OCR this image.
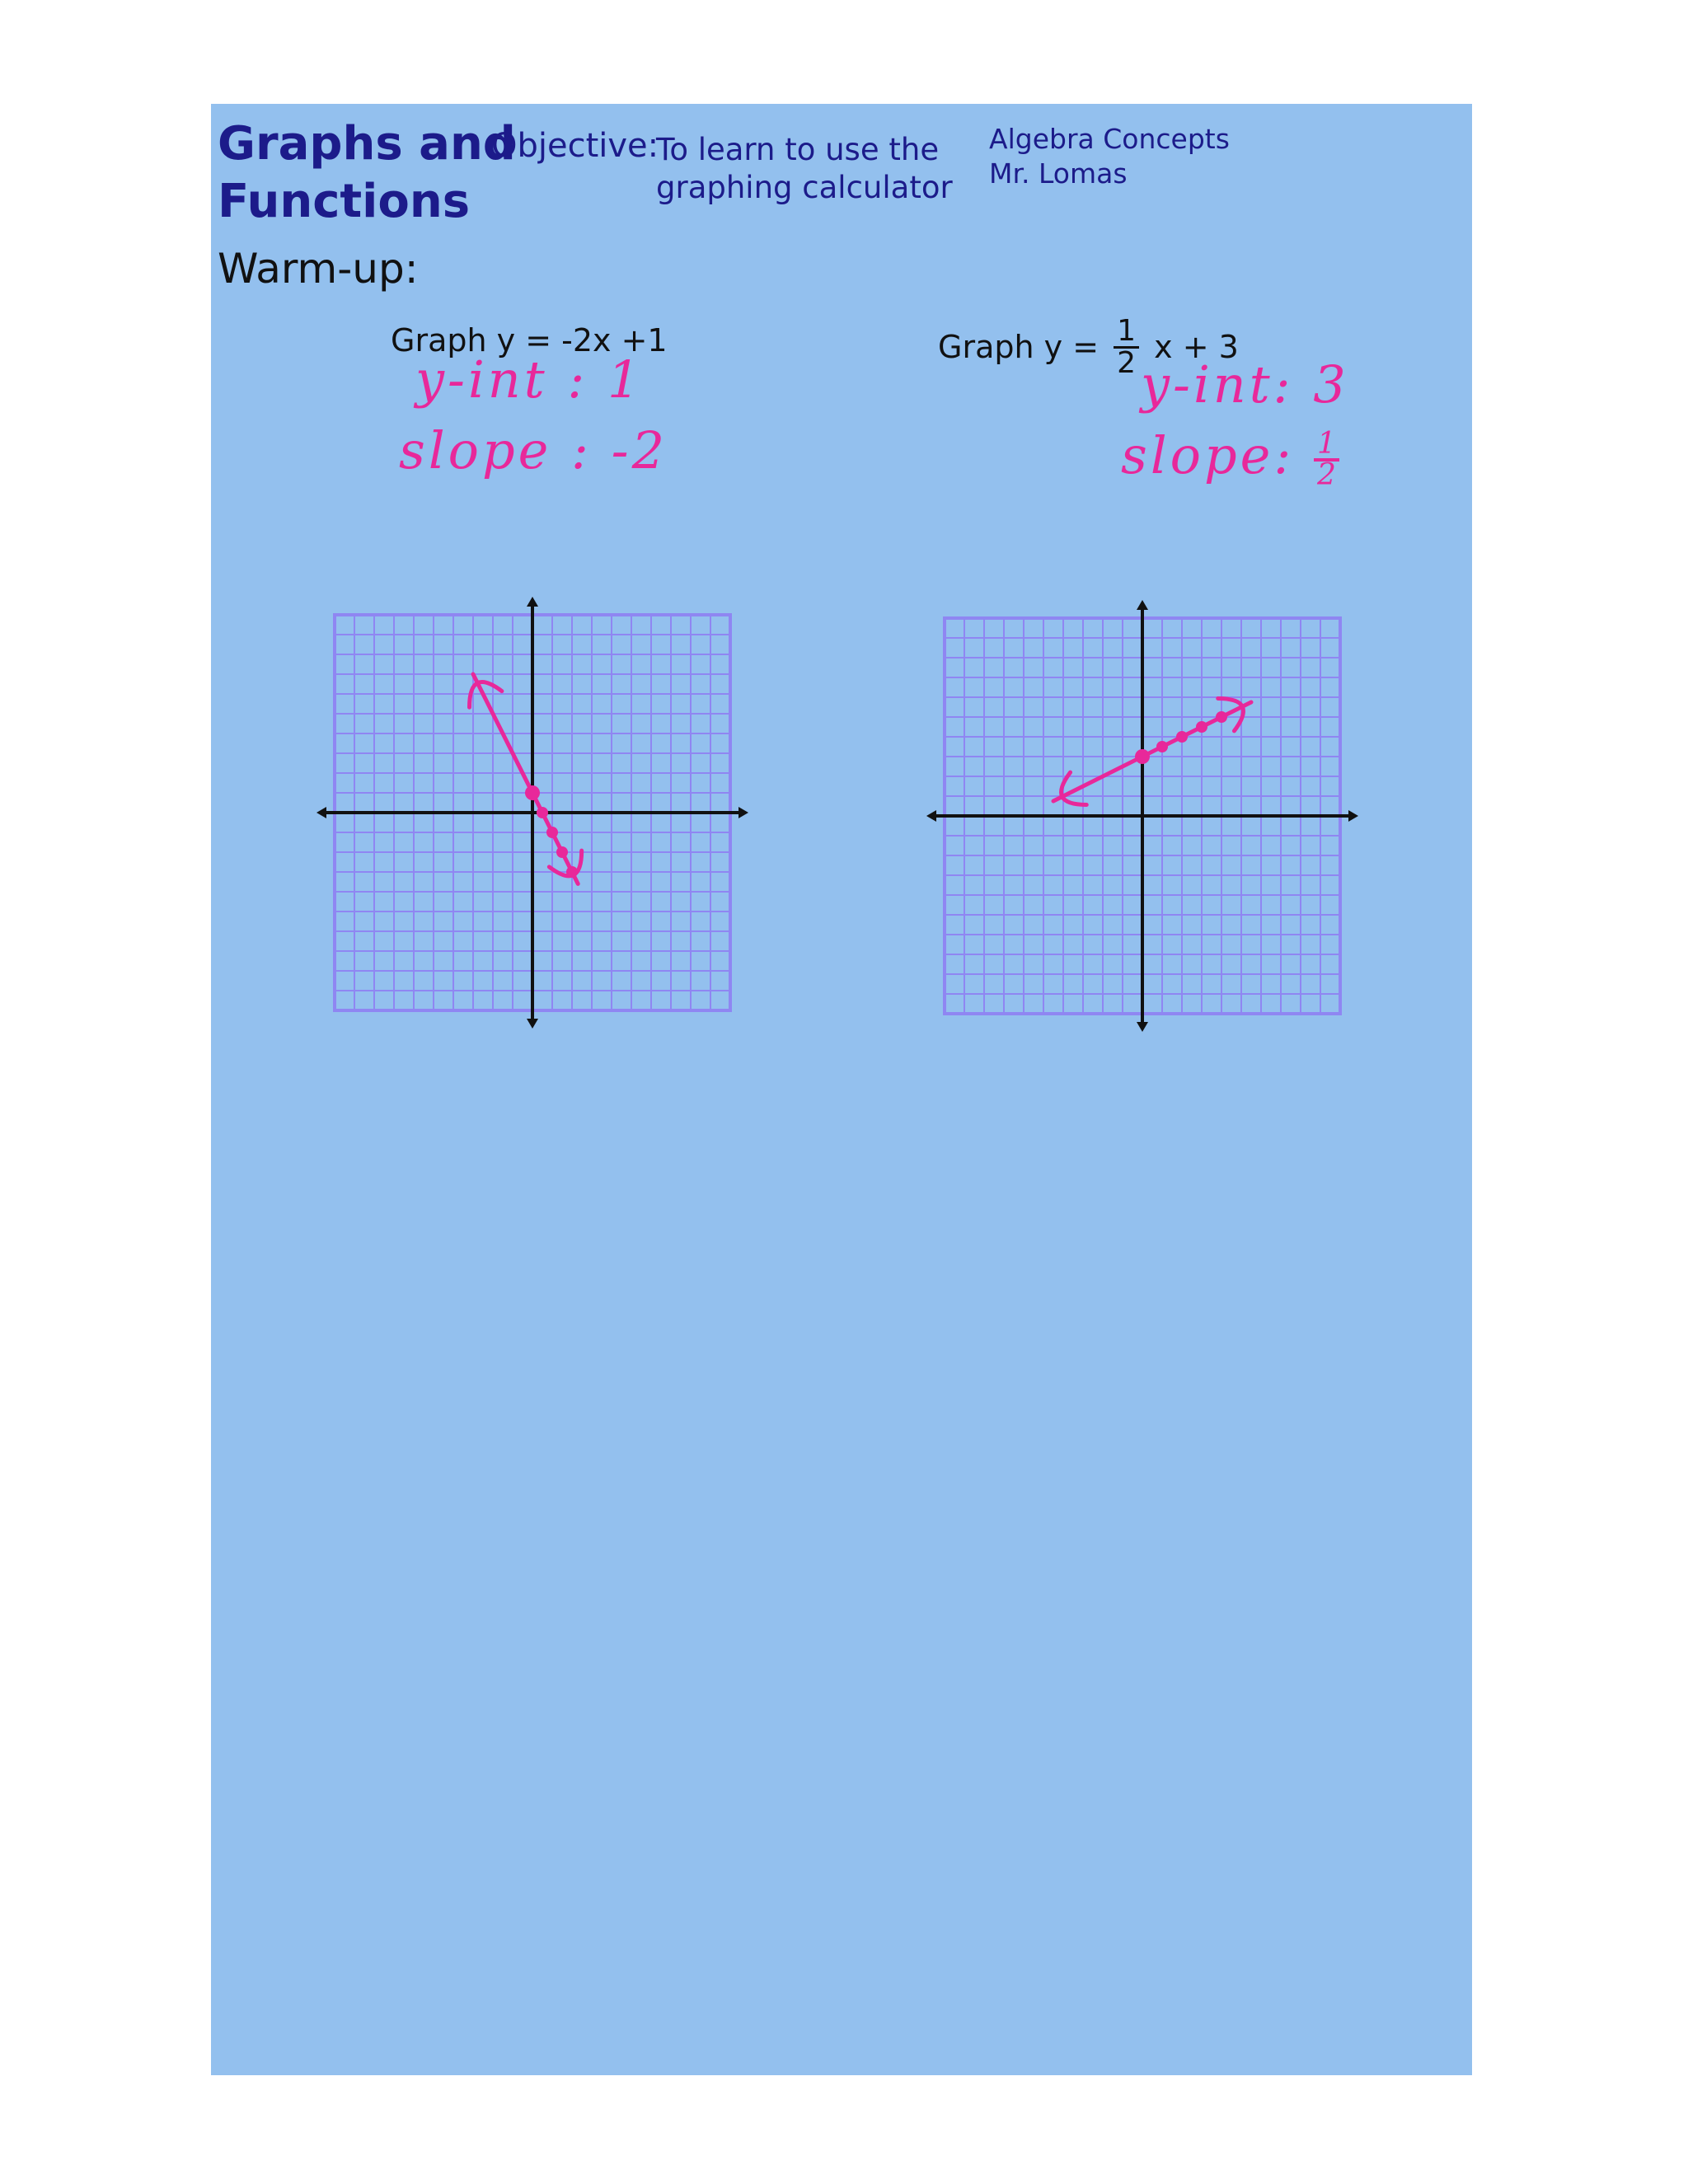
Graphs and
Functions
Objective:
To learn to use the
graphing calculator
Algebra Concepts
Mr. Lomas
Warm-up:
Graph y = -2x +1
y-int : 1
slope : -2
Graph $y = \frac{1}{2}$ x + 3
y-int: 3
slope: $\frac{1}{2}$
